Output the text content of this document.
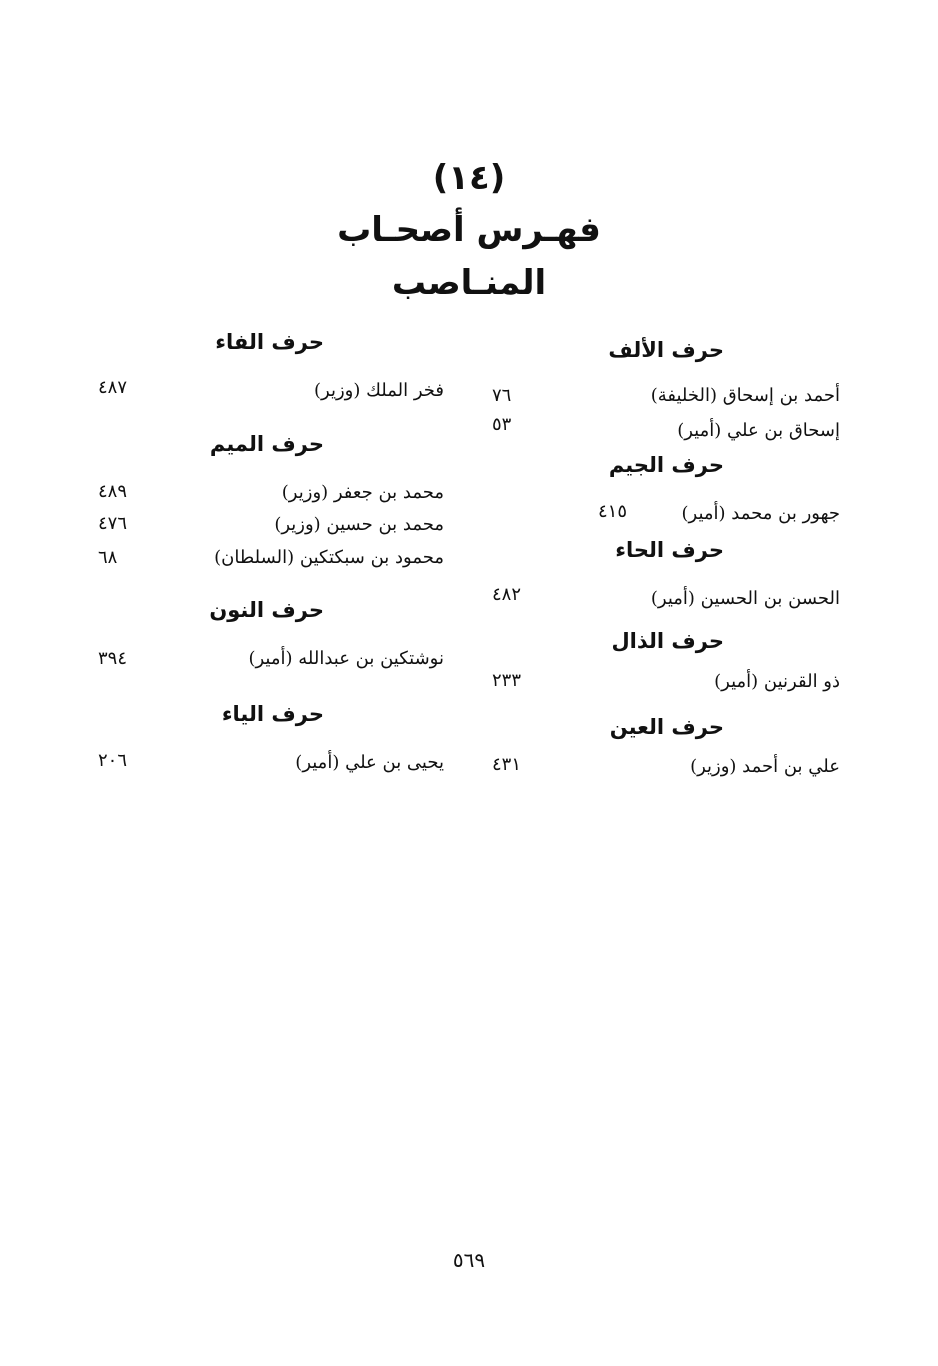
(١٤)
فهـرس أصحـاب
المنـاصب
حرف الألف
أحمد بن إسحاق (الخليفة)
٧٦
إسحاق بن علي (أمير)
٥٣
حرف الجيم
جهور بن محمد (أمير)
٤١٥
حرف الحاء
الحسن بن الحسين (أمير)
٤٨٢
حرف الذال
ذو القرنين (أمير)
٢٣٣
حرف العين
علي بن أحمد (وزير)
٤٣١
حرف الفاء
فخر الملك (وزير)
٤٨٧
حرف الميم
محمد بن جعفر (وزير)
٤٨٩
محمد بن حسين (وزير)
٤٧٦
محمود بن سبكتكين (السلطان)
٦٨
حرف النون
نوشتكين بن عبدالله (أمير)
٣٩٤
حرف الياء
يحيى بن علي (أمير)
٢٠٦
٥٦٩
